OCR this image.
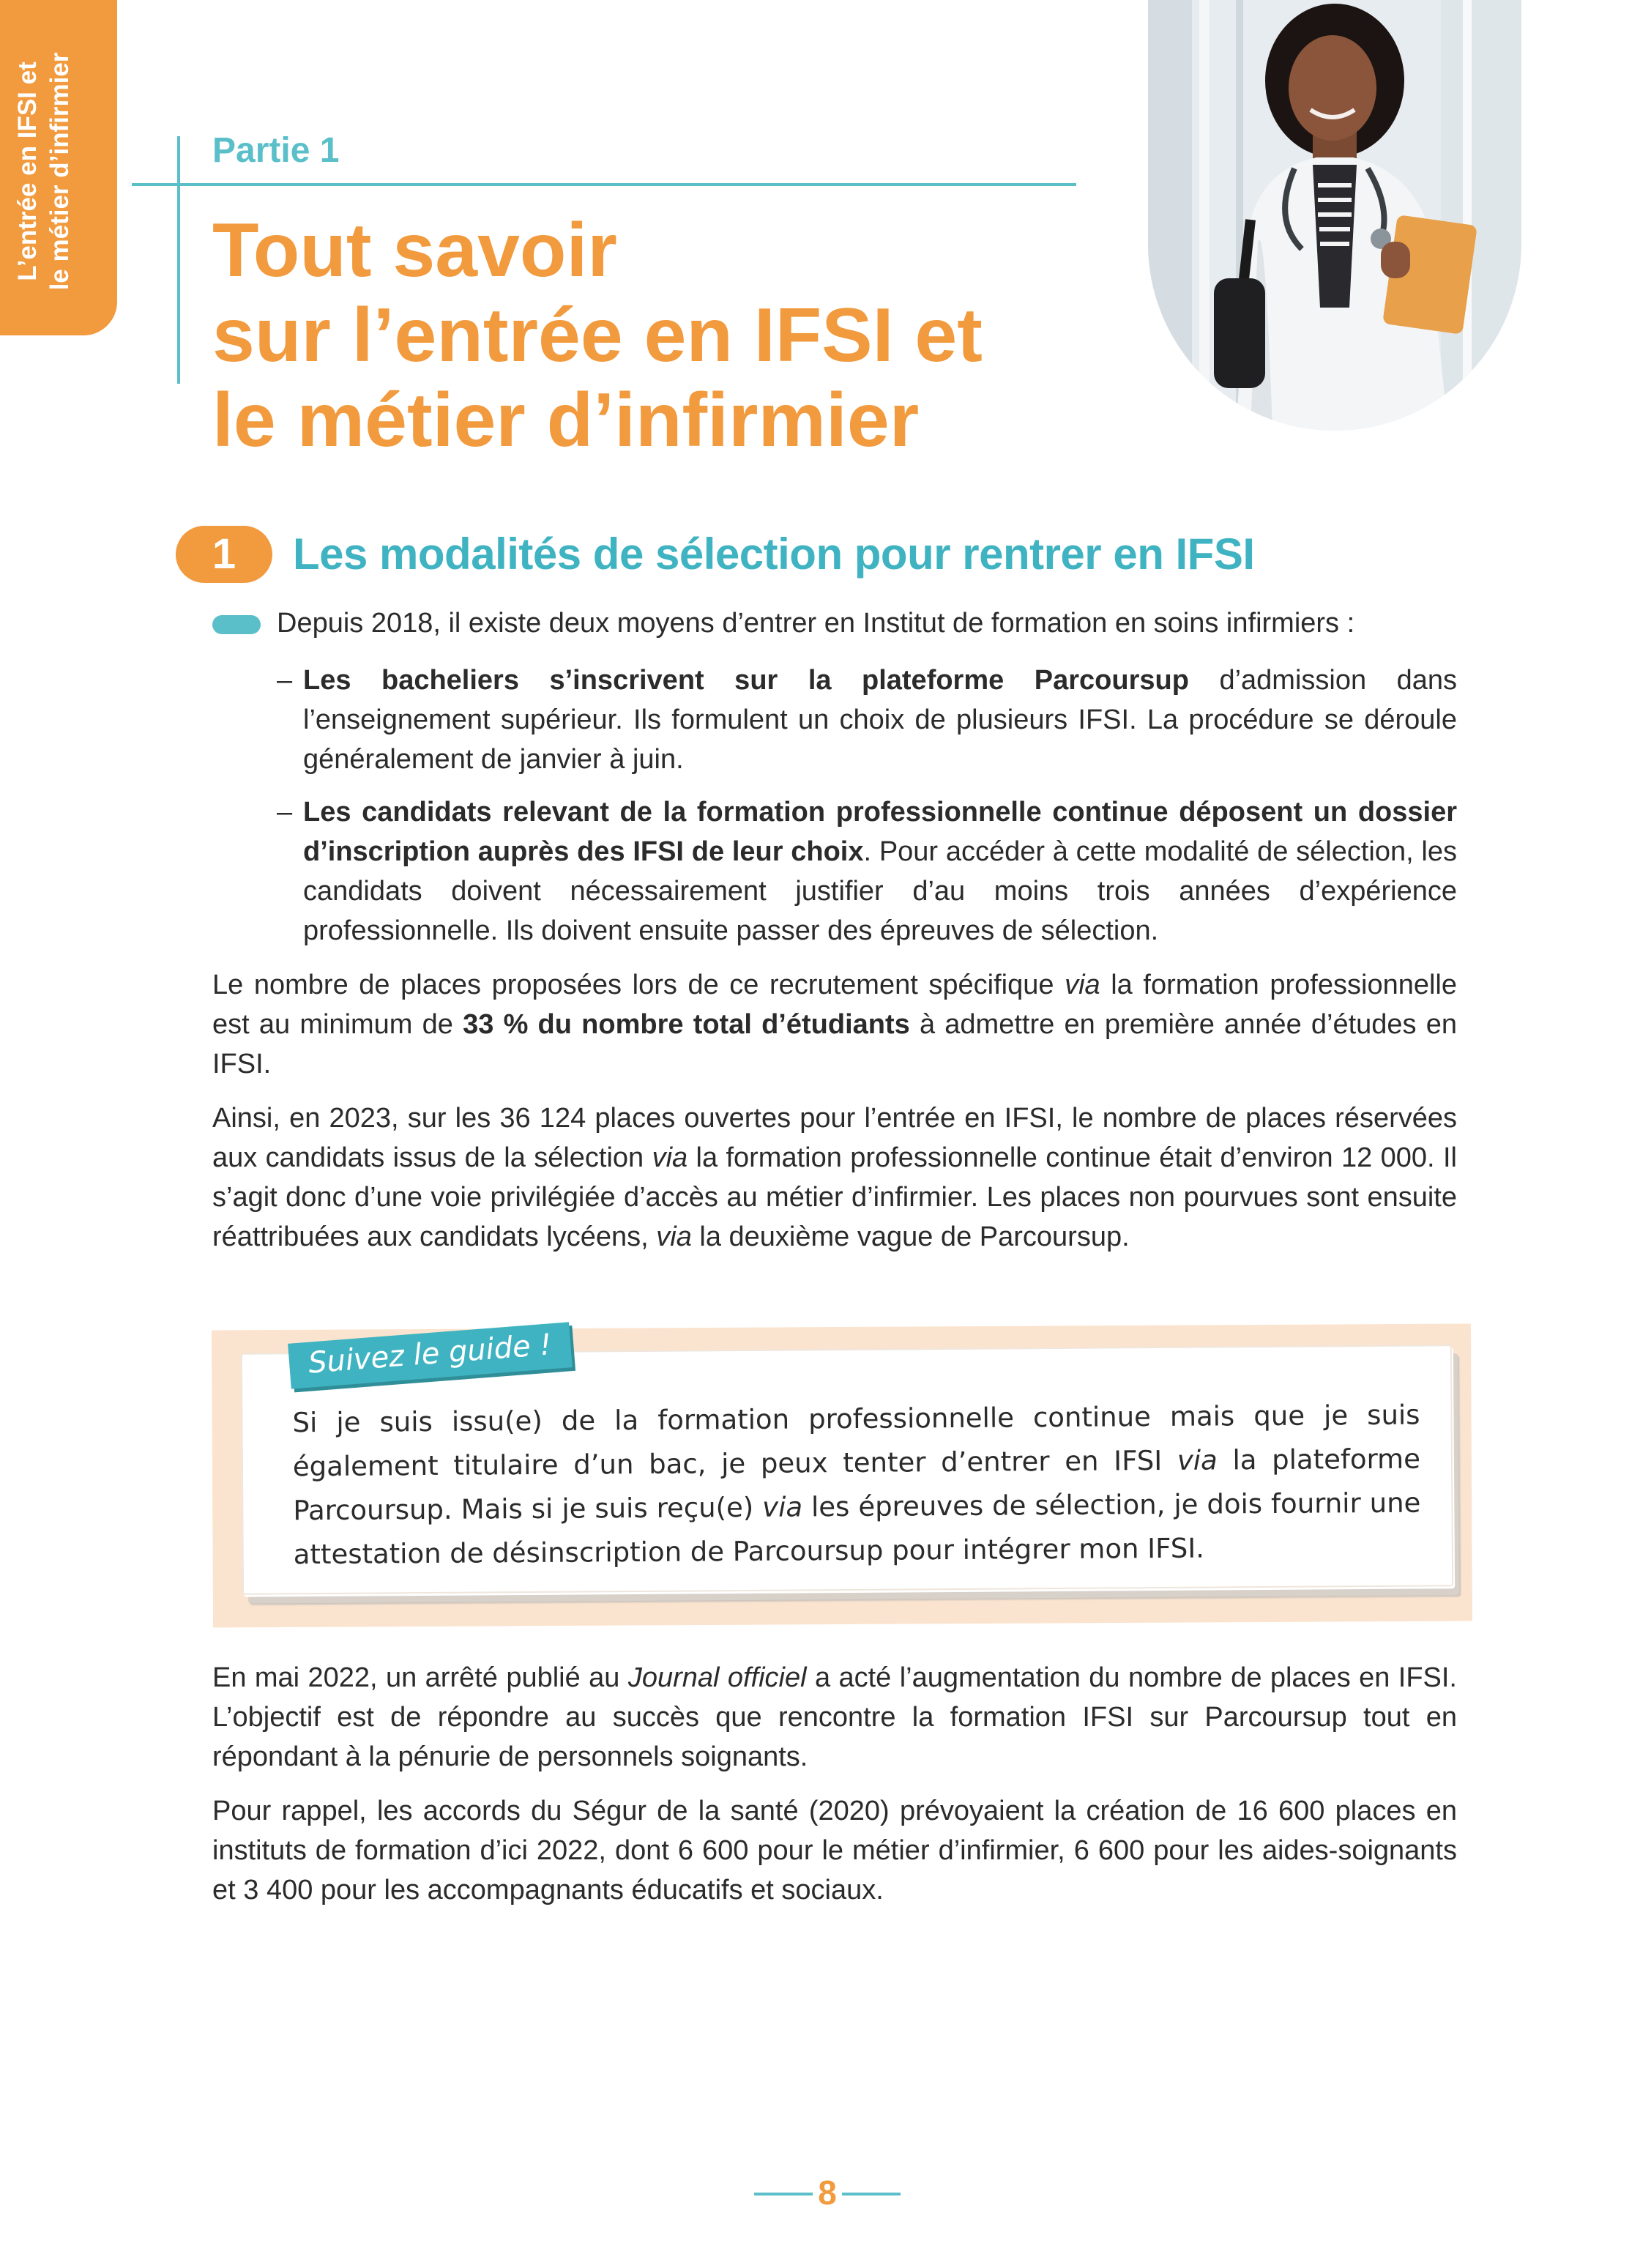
L’entrée en IFSI et le métier d’infirmier	Partie 1
Tout savoir
sur l’entrée en IFSI et
le métier d’infirmier
1	Les modalités de sélection pour rentrer en IFSI

Depuis 2018, il existe deux moyens d’entrer en Institut de formation en soins infirmiers :

– Les bacheliers s’inscrivent sur la plateforme Parcoursup d’admission dans l’enseignement supérieur. Ils formulent un choix de plusieurs IFSI. La procédure se déroule généralement de janvier à juin.

– Les candidats relevant de la formation professionnelle continue déposent un dossier d’inscription auprès des IFSI de leur choix. Pour accéder à cette modalité de sélection, les candidats doivent nécessairement justifier d’au moins trois années d’expérience professionnelle. Ils doivent ensuite passer des épreuves de sélection.

Le nombre de places proposées lors de ce recrutement spécifique via la formation professionnelle est au minimum de 33 % du nombre total d’étudiants à admettre en première année d’études en IFSI.

Ainsi, en 2023, sur les 36 124 places ouvertes pour l’entrée en IFSI, le nombre de places réservées aux candidats issus de la sélection via la formation professionnelle continue était d’environ 12 000. Il s’agit donc d’une voie privilégiée d’accès au métier d’infirmier. Les places non pourvues sont ensuite réattribuées aux candidats lycéens, via la deuxième vague de Parcoursup.

Suivez le guide !
Si je suis issu(e) de la formation professionnelle continue mais que je suis également titulaire d’un bac, je peux tenter d’entrer en IFSI via la plateforme Parcoursup. Mais si je suis reçu(e) via les épreuves de sélection, je dois fournir une attestation de désinscription de Parcoursup pour intégrer mon IFSI.

En mai 2022, un arrêté publié au Journal officiel a acté l’augmentation du nombre de places en IFSI. L’objectif est de répondre au succès que rencontre la formation IFSI sur Parcoursup tout en répondant à la pénurie de personnels soignants.

Pour rappel, les accords du Ségur de la santé (2020) prévoyaient la création de 16 600 places en instituts de formation d’ici 2022, dont 6 600 pour le métier d’infirmier, 6 600 pour les aides-soignants et 3 400 pour les accompagnants éducatifs et sociaux.

8
